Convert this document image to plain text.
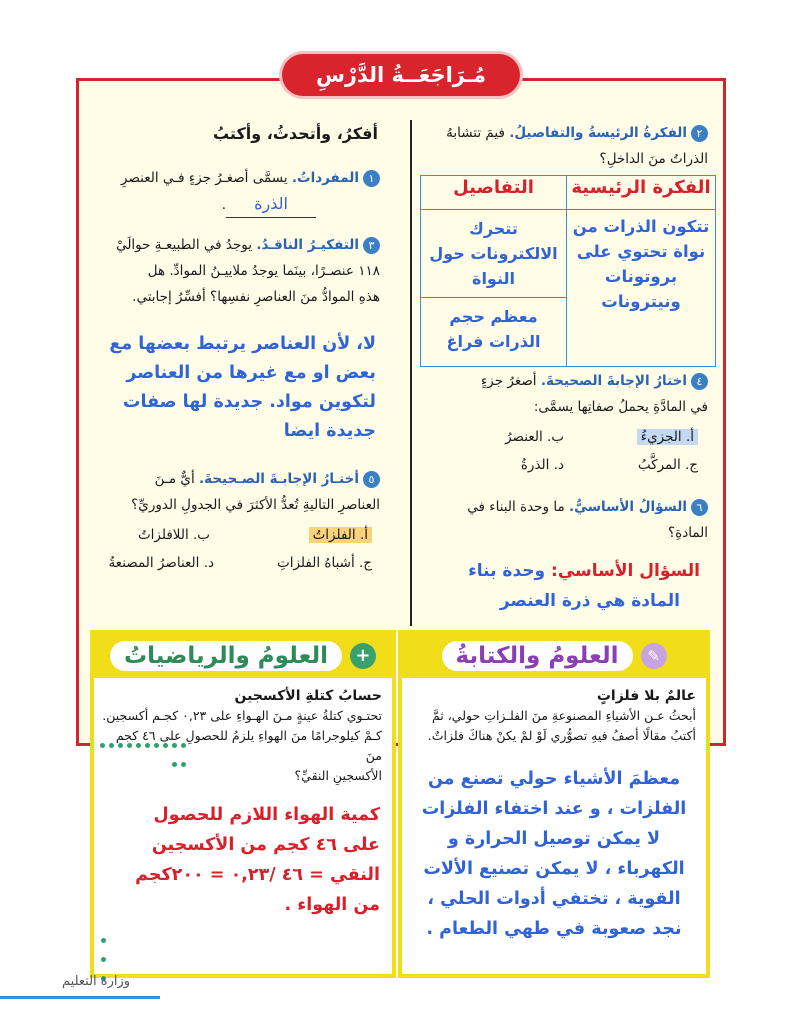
مُـرَاجَعَــةُ الدَّرْسِ
٢الفكرةُ الرئيسةُ والتفاصيلُ. فيمَ تتشابهُ
الذراتُ منَ الداخلِ؟
الفكرة الرئيسية	التفاصيل
تتكون الذرات من نواة تحتوي على بروتونات ونيترونات	تتحرك الالكترونات حول النواة
	معظم حجم الذرات فراغ
٤اختارُ الإجابةَ الصحيحةَ. أصغرُ جزءٍ
في المادَّةِ يحملُ صفاتِها يسمَّى:
أ. الجزيءُ
ب. العنصرُ
ج. المركَّبُ
د. الذرةُ
٦السؤالُ الأساسيُّ. ما وحدة البناء في
المادةِ؟
السؤال الأساسي: وحدة بناء
المادة هي ذرة العنصر
أفكرُ، وأتحدثُ، وأكتبُ
١المفرداتُ. يسمَّى أصغـرُ جزءٍ فـي العنصرِ
الذرة.
٣التفكيـرُ الناقـدُ. يوجدُ في الطبيعـةِ حوالَيْ
١١٨ عنصـرًا، بينَما يوجدُ ملاييـنُ الموادِّ. هل
هذهِ الموادُّ منَ العناصرِ نفسِها؟ أفسِّرُ إجابتي.
لا، لأن العناصر يرتبط بعضها مع بعض او مع غيرها من العناصر لتكوين مواد. جديدة لها صفات جديدة ايضا
٥أختـارُ الإجابـةَ الصـحيحةَ. أيٌّ مـنَ
العناصرِ التاليةِ تُعدُّ الأكثرَ في الجدولِ الدوريِّ؟
أ. الفلزاتُ
ب. اللافلزاتُ
ج. أشباهُ الفلزاتِ
د. العناصرُ المصنعةُ
✎
العلومُ والكتابةُ
عالمٌ بلا فلزاتٍ
أبحثُ عـن الأشياءِ المصنوعةِ منَ الفلـزاتِ حولي، ثمَّ أكتبُ مقالًا أصفُ فيهِ تصوُّري لَوْ لمْ يكنْ هناكَ فلزاتٌ.
معظمَ الأشياء حولي تصنع من الفلزات ، و عند اختفاء الفلزات لا يمكن توصيل الحرارة و الكهرباء ، لا يمكن تصنيع الألات القوية ، تختفي أدوات الحلي ، نجد صعوبة في طهي الطعام .
+
العلومُ والرياضياتُ
حسابُ كتلةِ الأكسجين
تحتـوي كتلةُ عينةٍ مـنَ الهـواءِ على ٠,٢٣ كجـم أكسجين.
كـمْ كيلوجرامًا منَ الهواءِ يلزمُ للحصولِ على ٤٦ كجم منَ
الأكسجينِ النقيِّ؟
كمية الهواء اللازم للحصول على ٤٦ كجم من الأكسجين النقي = ٤٦ /٠,٢٣ = ٢٠٠كجم من الهواء .
وزارة التعليم
